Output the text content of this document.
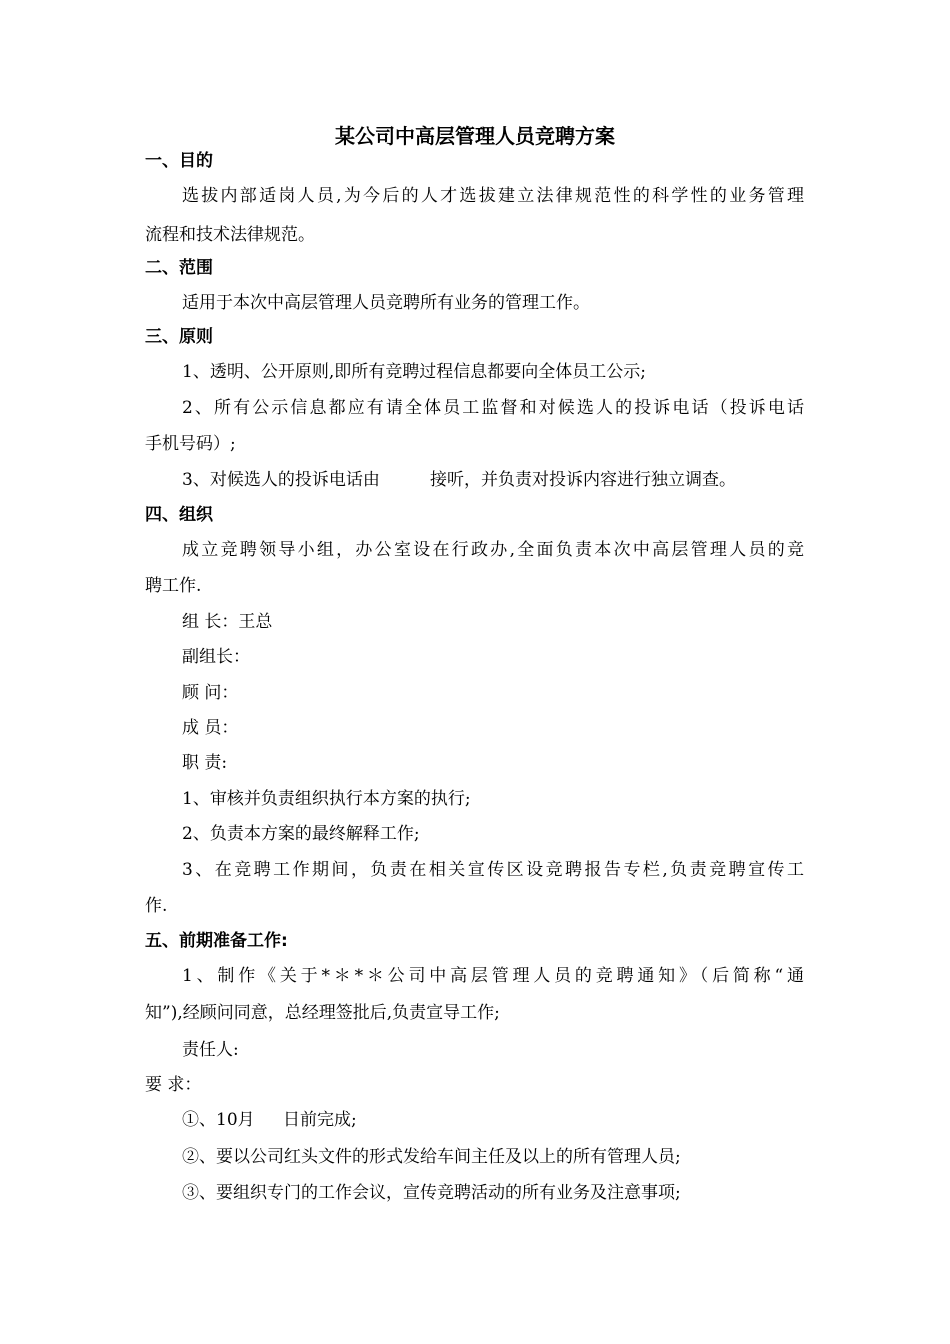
某公司中高层管理人员竞聘方案
一、目的
选拔内部适岗人员,为今后的人才选拔建立法律规范性的科学性的业务管理
流程和技术法律规范。
二、范围
适用于本次中高层管理人员竞聘所有业务的管理工作。
三、原则
1、透明、公开原则,即所有竞聘过程信息都要向全体员工公示;
2、所有公示信息都应有请全体员工监督和对候选人的投诉电话（投诉电话
手机号码）;
3、对候选人的投诉电话由	接听，并负责对投诉内容进行独立调查。
四、组织
成立竞聘领导小组，办公室设在行政办,全面负责本次中高层管理人员的竞
聘工作.
组 长：王总
副组长：
顾 问：
成 员：
职 责:
1、审核并负责组织执行本方案的执行;
2、负责本方案的最终解释工作;
3、在竞聘工作期间，负责在相关宣传区设竞聘报告专栏,负责竞聘宣传工
作.
五、前期准备工作:
1、制作《关于*＊*＊公司中高层管理人员的竞聘通知》（后简称“通
知”),经顾问同意，总经理签批后,负责宣导工作;
责任人:
要 求：
①、10月 日前完成;
②、要以公司红头文件的形式发给车间主任及以上的所有管理人员;
③、要组织专门的工作会议，宣传竞聘活动的所有业务及注意事项;
